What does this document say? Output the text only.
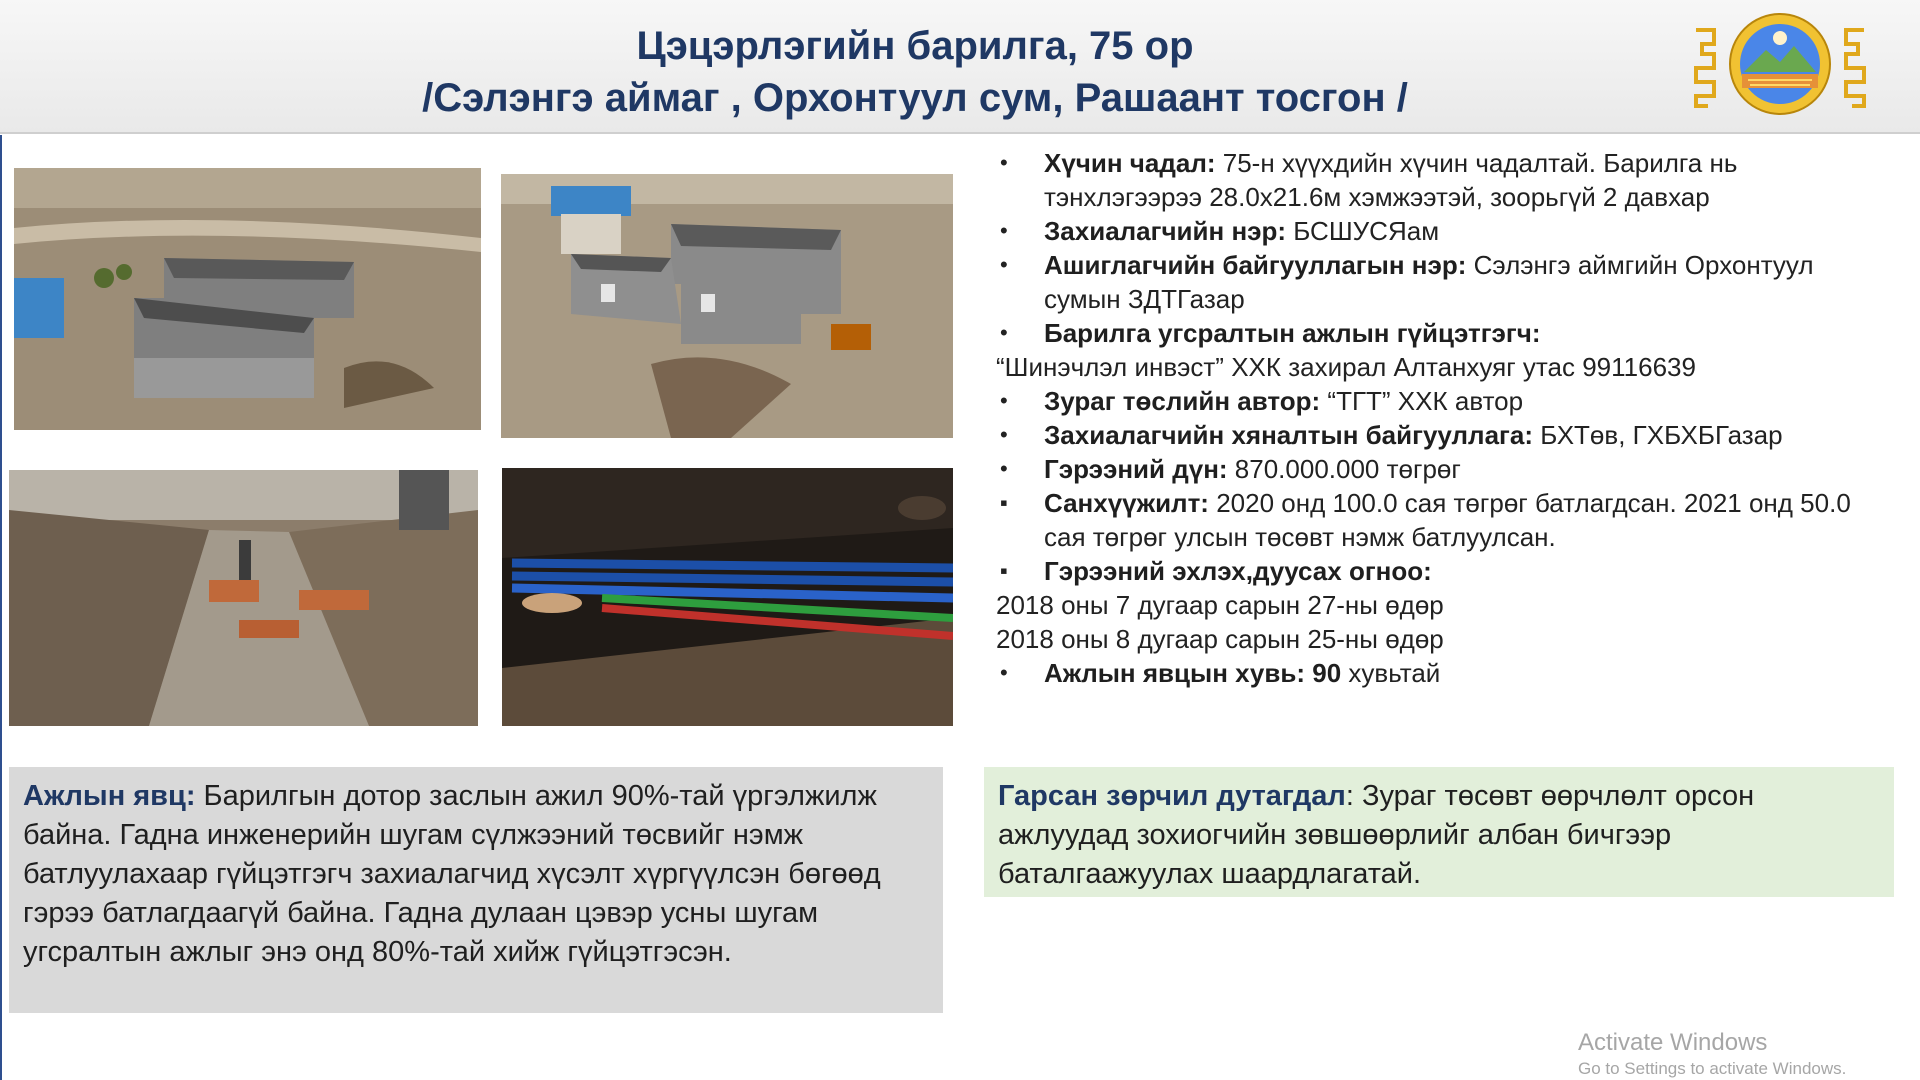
Цэцэрлэгийн барилга, 75 ор
/Сэлэнгэ аймаг , Орхонтуул сум, Рашаант тосгон /
•	Хүчин чадал: 75-н хүүхдийн хүчин чадалтай. Барилга нь тэнхлэгээрээ 28.0х21.6м хэмжээтэй, зоорьгүй 2 давхар
•	Захиалагчийн нэр: БСШУСЯам
•	Ашиглагчийн байгууллагын нэр: Сэлэнгэ аймгийн Орхонтуул сумын ЗДТГазар
•	Барилга угсралтын ажлын гүйцэтгэгч:
“Шинэчлэл инвэст” ХХК захирал Алтанхуяг утас 99116639
•	Зураг төслийн автор: “ТГТ” ХХК автор
•	Захиалагчийн хяналтын байгууллага: БХТөв, ГХБХБГазар
•	Гэрээний дүн: 870.000.000 төгрөг
▪	Санхүүжилт: 2020 онд 100.0 сая төгрөг батлагдсан. 2021 онд 50.0 сая төгрөг улсын төсөвт нэмж батлуулсан.
▪	Гэрээний эхлэх,дуусах огноо:
2018 оны 7 дугаар сарын 27-ны өдөр
2018 оны 8 дугаар сарын 25-ны өдөр
•	Ажлын явцын хувь: 90 хувьтай
Ажлын явц: Барилгын дотор заслын ажил 90%-тай үргэлжилж байна. Гадна инженерийн шугам сүлжээний төсвийг нэмж батлуулахаар гүйцэтгэгч захиалагчид хүсэлт хүргүүлсэн бөгөөд гэрээ батлагдаагүй байна. Гадна дулаан цэвэр усны шугам угсралтын ажлыг энэ онд 80%-тай хийж гүйцэтгэсэн.
Гарсан зөрчил дутагдал: Зураг төсөвт өөрчлөлт орсон ажлуудад зохиогчийн зөвшөөрлийг албан бичгээр баталгаажуулах шаардлагатай.
Activate Windows
Go to Settings to activate Windows.
